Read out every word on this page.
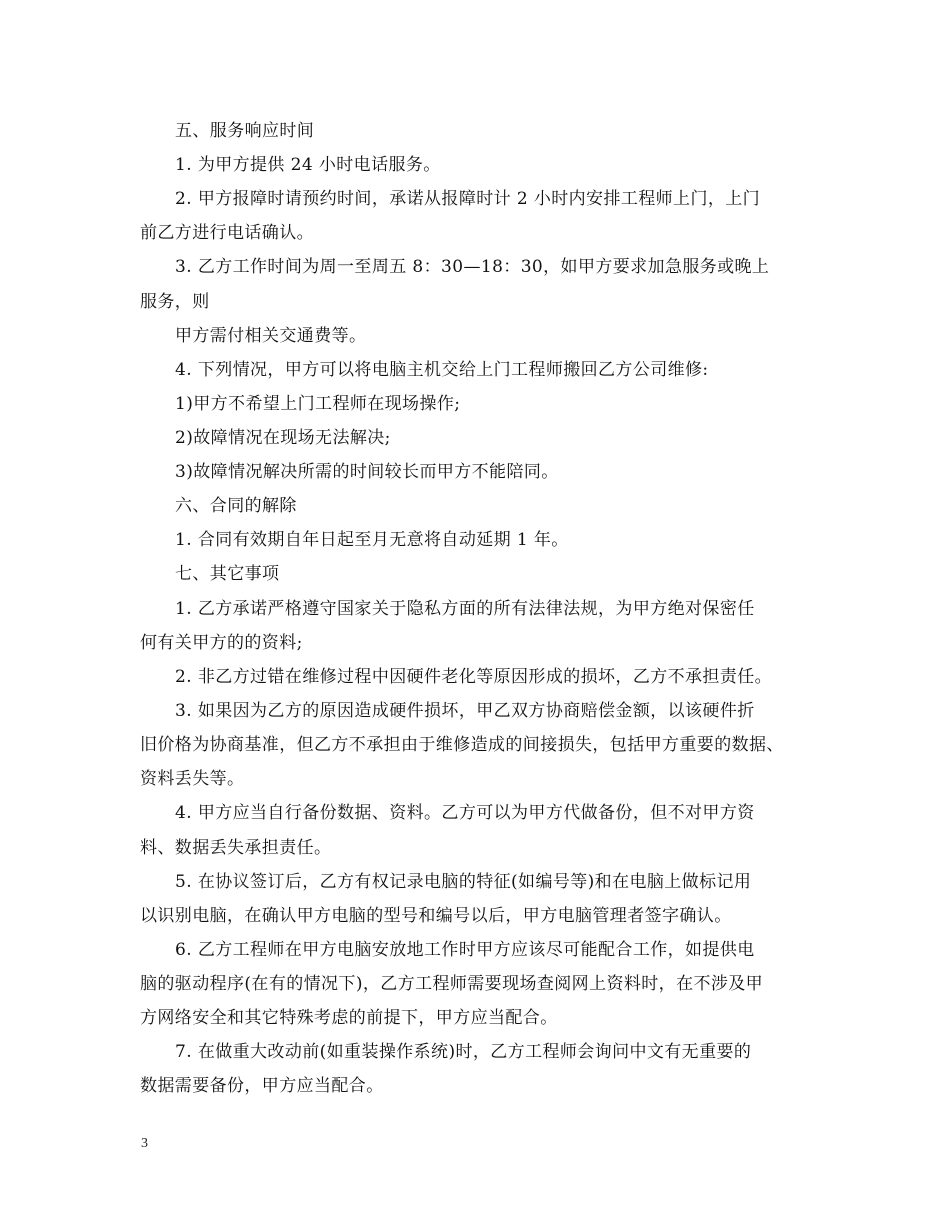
五、服务响应时间
1. 为甲方提供 24 小时电话服务。
2. 甲方报障时请预约时间，承诺从报障时计 2 小时内安排工程师上门，上门
前乙方进行电话确认。
3. 乙方工作时间为周一至周五 8：30—18：30，如甲方要求加急服务或晚上
服务，则
甲方需付相关交通费等。
4. 下列情况，甲方可以将电脑主机交给上门工程师搬回乙方公司维修:
1)甲方不希望上门工程师在现场操作;
2)故障情况在现场无法解决;
3)故障情况解决所需的时间较长而甲方不能陪同。
六、合同的解除
1. 合同有效期自年日起至月无意将自动延期 1 年。
七、其它事项
1. 乙方承诺严格遵守国家关于隐私方面的所有法律法规，为甲方绝对保密任
何有关甲方的的资料;
2. 非乙方过错在维修过程中因硬件老化等原因形成的损坏，乙方不承担责任。
3. 如果因为乙方的原因造成硬件损坏，甲乙双方协商赔偿金额，以该硬件折
旧价格为协商基准，但乙方不承担由于维修造成的间接损失，包括甲方重要的数据、
资料丢失等。
4. 甲方应当自行备份数据、资料。乙方可以为甲方代做备份，但不对甲方资
料、数据丢失承担责任。
5. 在协议签订后，乙方有权记录电脑的特征(如编号等)和在电脑上做标记用
以识别电脑，在确认甲方电脑的型号和编号以后，甲方电脑管理者签字确认。
6. 乙方工程师在甲方电脑安放地工作时甲方应该尽可能配合工作，如提供电
脑的驱动程序(在有的情况下)，乙方工程师需要现场查阅网上资料时，在不涉及甲
方网络安全和其它特殊考虑的前提下，甲方应当配合。
7. 在做重大改动前(如重装操作系统)时，乙方工程师会询问中文有无重要的
数据需要备份，甲方应当配合。
3
